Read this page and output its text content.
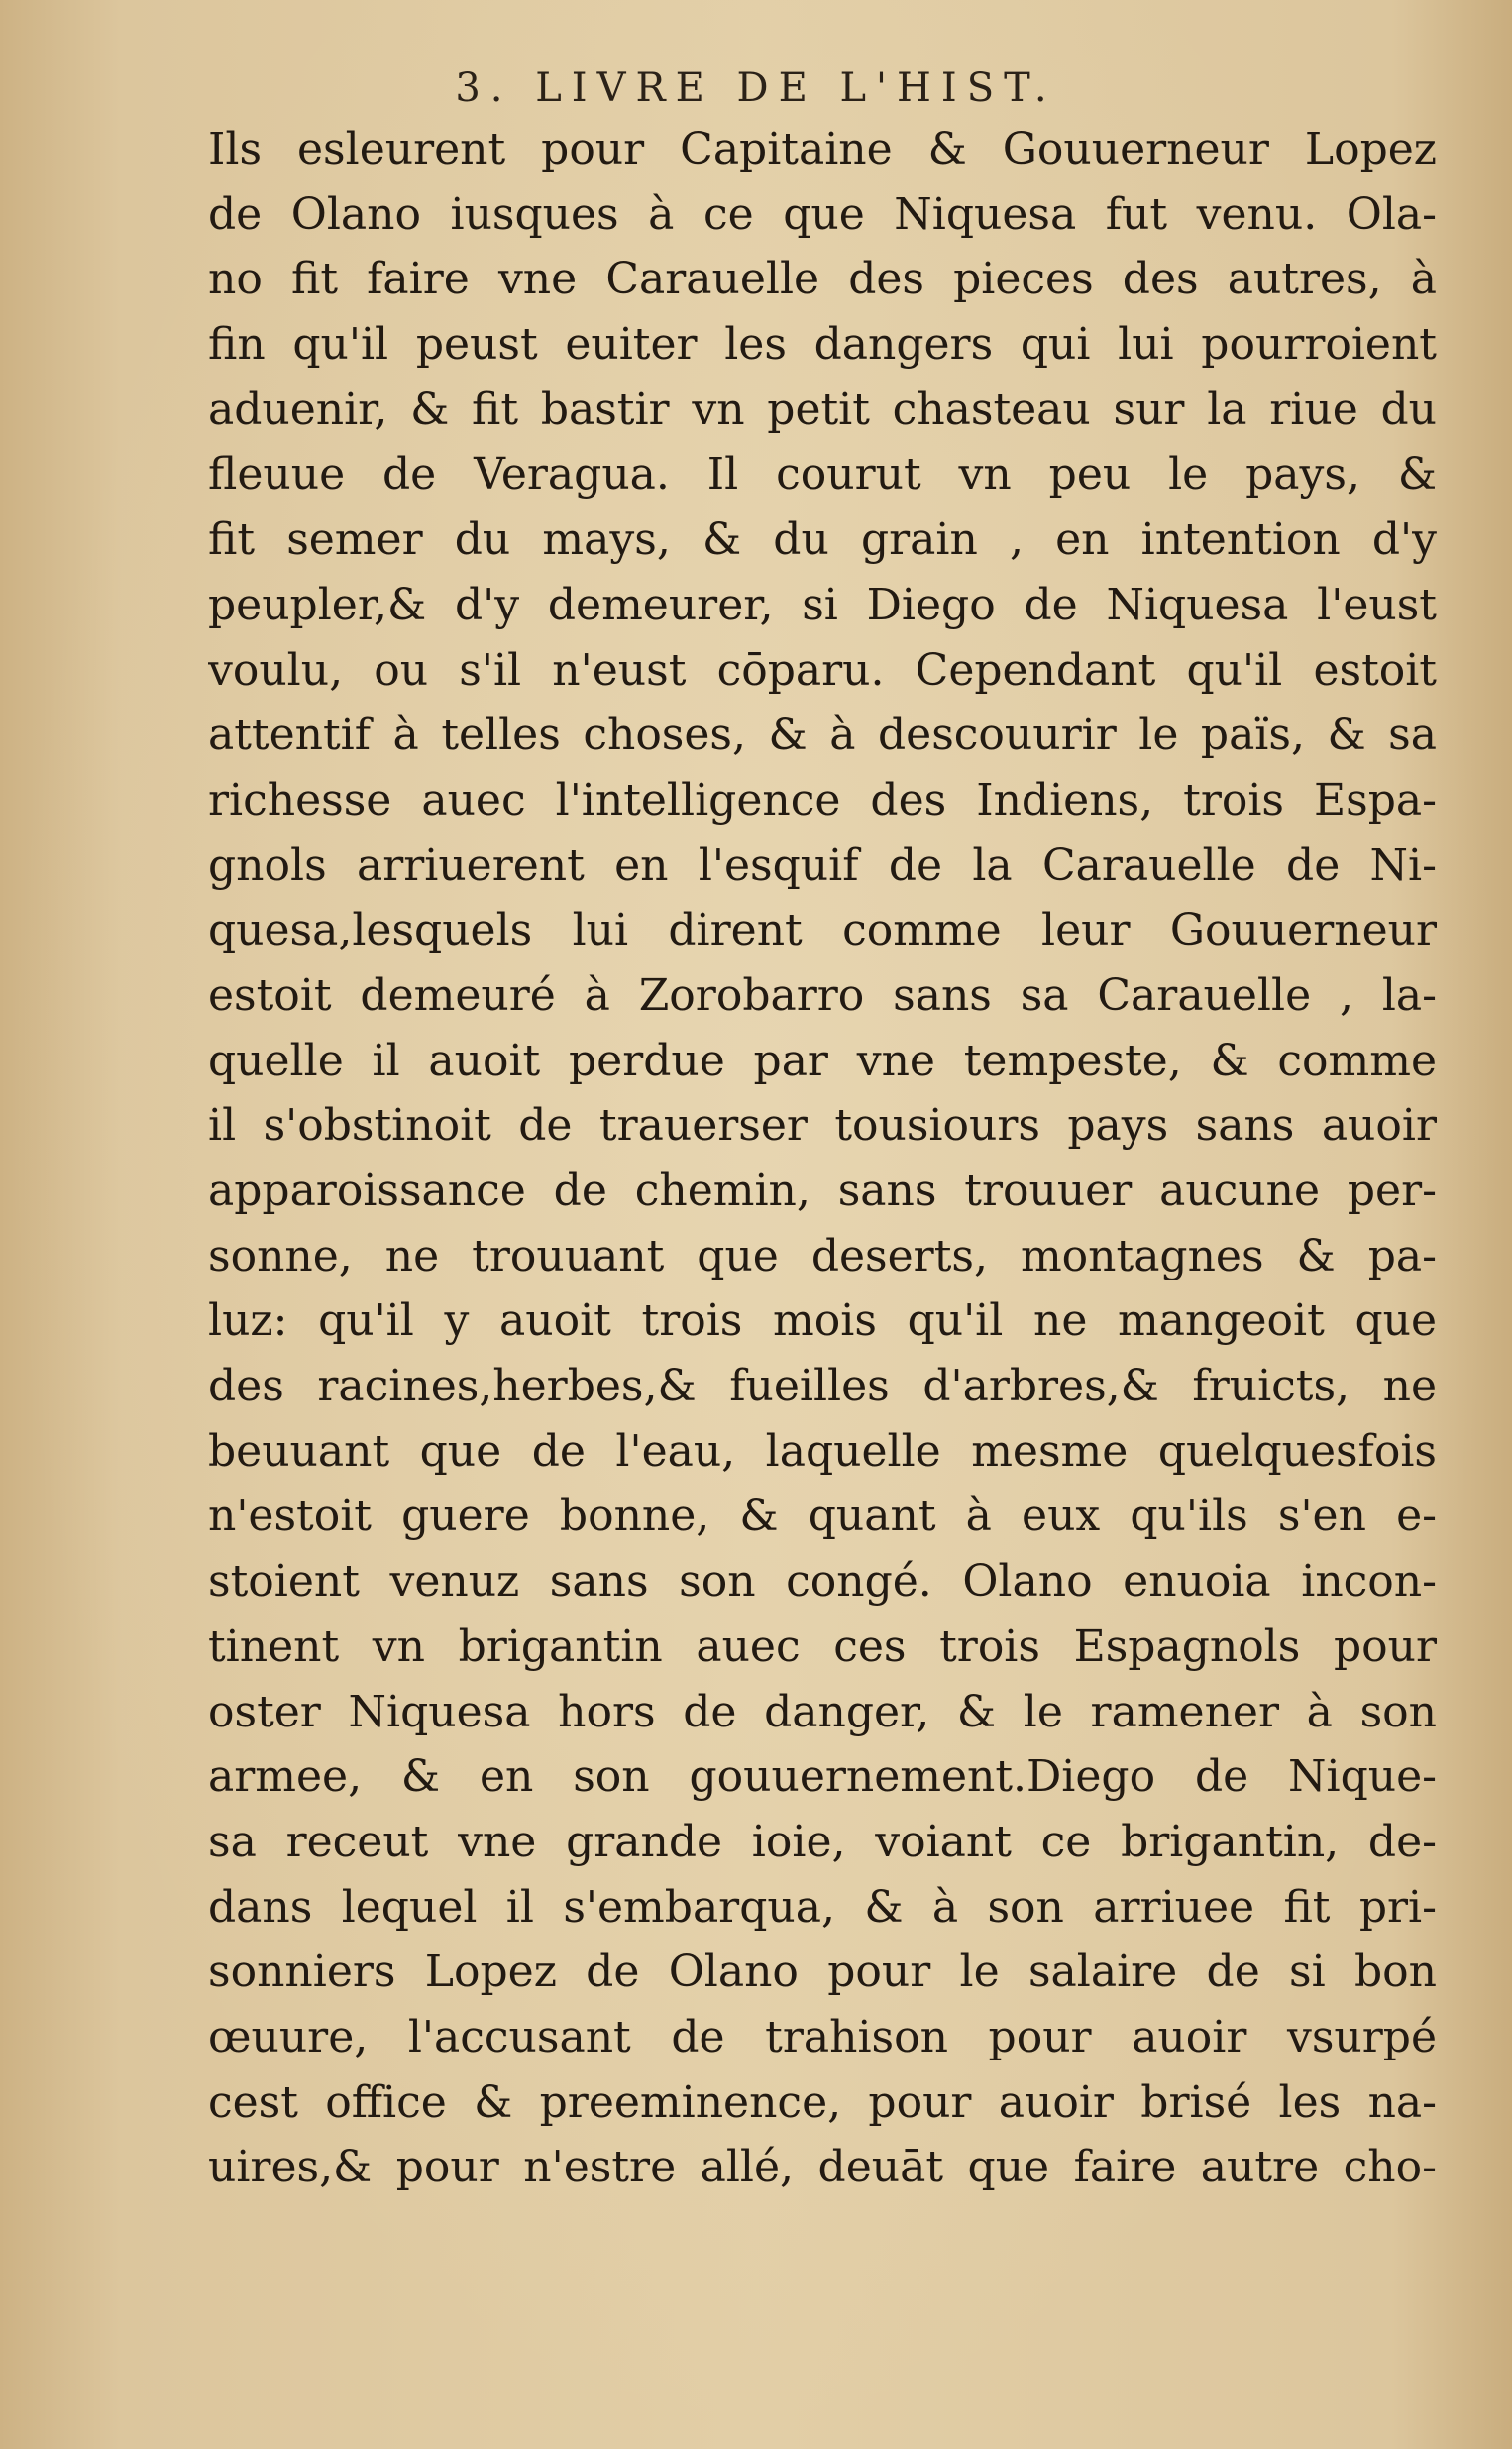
3. LIVRE DE L'HIST.
Ils esleurent pour Capitaine & Gouuerneur Lopez
de Olano iusques à ce que Niquesa fut venu. Ola-
no fit faire vne Carauelle des pieces des autres, à
fin qu'il peust euiter les dangers qui lui pourroient
aduenir, & fit bastir vn petit chasteau sur la riue du
fleuue de Veragua. Il courut vn peu le pays, &
fit semer du mays, & du grain , en intention d'y
peupler,& d'y demeurer, si Diego de Niquesa l'eust
voulu, ou s'il n'eust cōparu. Cependant qu'il estoit
attentif à telles choses, & à descouurir le païs, & sa
richesse auec l'intelligence des Indiens, trois Espa-
gnols arriuerent en l'esquif de la Carauelle de Ni-
quesa,lesquels lui dirent comme leur Gouuerneur
estoit demeuré à Zorobarro sans sa Carauelle , la-
quelle il auoit perdue par vne tempeste, & comme
il s'obstinoit de trauerser tousiours pays sans auoir
apparoissance de chemin, sans trouuer aucune per-
sonne, ne trouuant que deserts, montagnes & pa-
luz: qu'il y auoit trois mois qu'il ne mangeoit que
des racines,herbes,& fueilles d'arbres,& fruicts, ne
beuuant que de l'eau, laquelle mesme quelquesfois
n'estoit guere bonne, & quant à eux qu'ils s'en e-
stoient venuz sans son congé. Olano enuoia incon-
tinent vn brigantin auec ces trois Espagnols pour
oster Niquesa hors de danger, & le ramener à son
armee, & en son gouuernement.Diego de Nique-
sa receut vne grande ioie, voiant ce brigantin, de-
dans lequel il s'embarqua, & à son arriuee fit pri-
sonniers Lopez de Olano pour le salaire de si bon
œuure, l'accusant de trahison pour auoir vsurpé
cest office & preeminence, pour auoir brisé les na-
uires,& pour n'estre allé, deuāt que faire autre cho-
